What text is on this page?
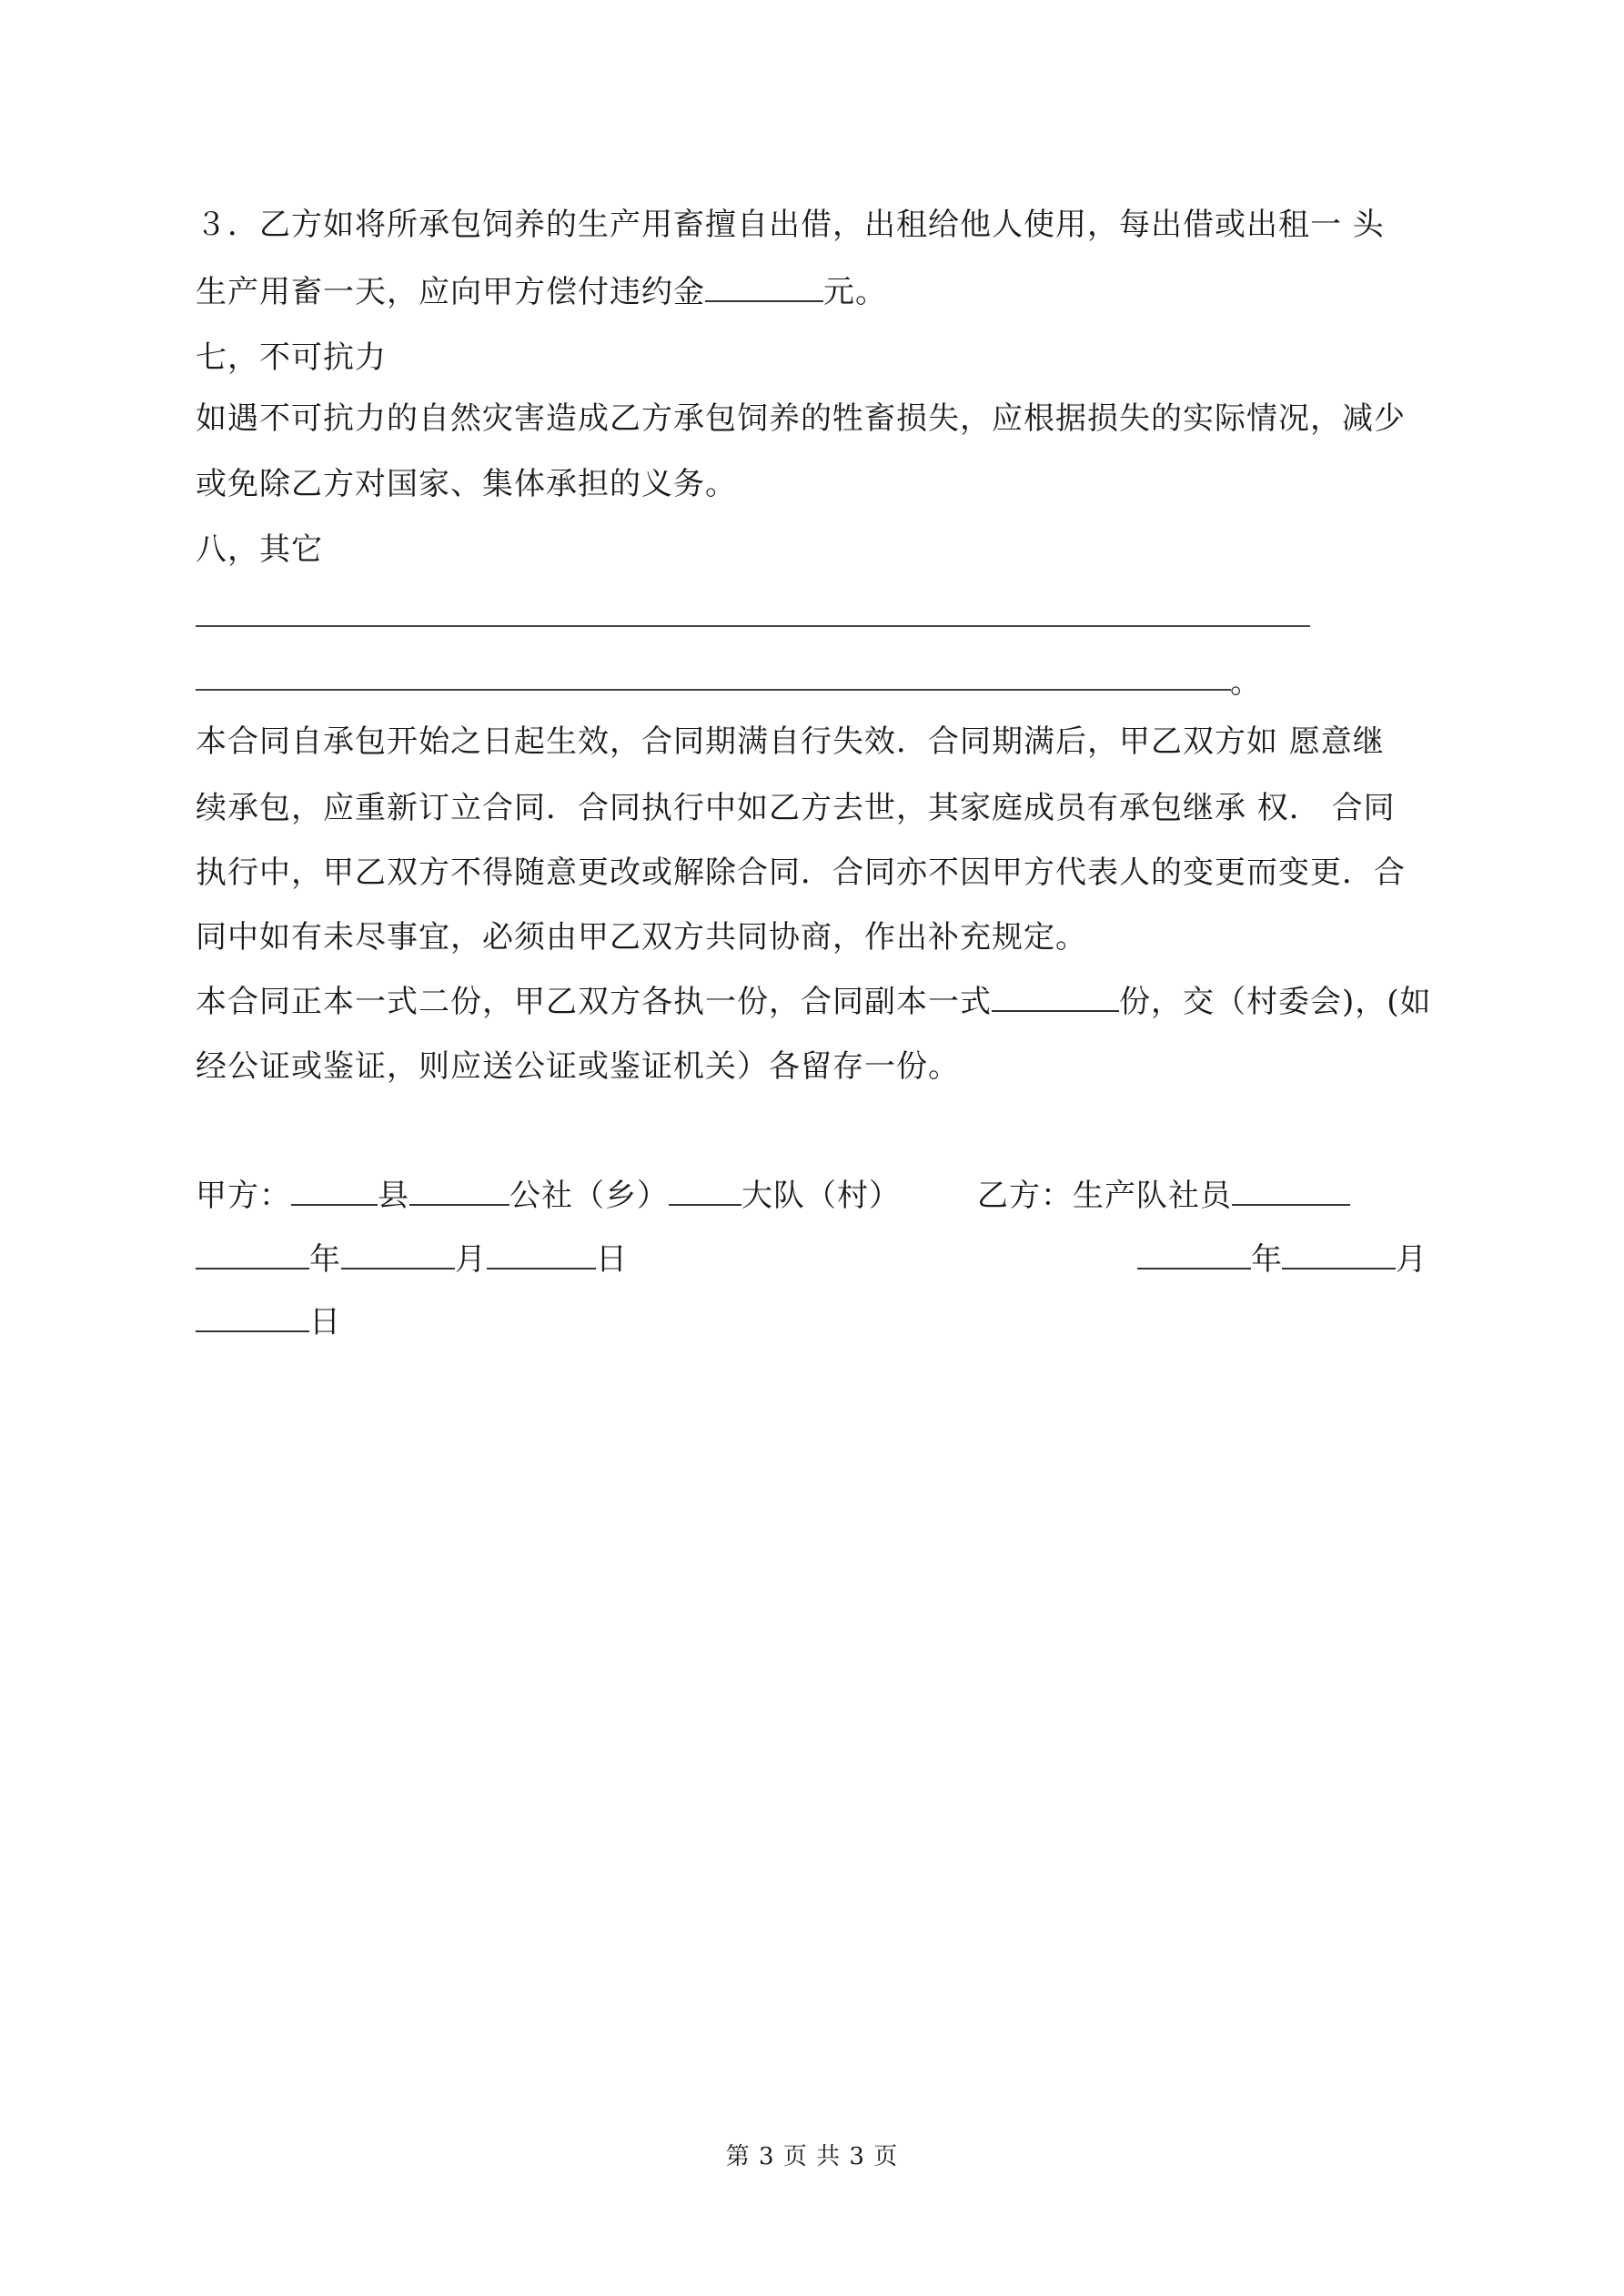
３．乙方如将所承包饲养的生产用畜擅自出借，出租给他人使用，每出借或出租一 头
生产用畜一天，应向甲方偿付违约金	元。
七，不可抗力
如遇不可抗力的自然灾害造成乙方承包饲养的牲畜损失，应根据损失的实际情况，减少
或免除乙方对国家、集体承担的义务。
八，其它
。
本合同自承包开始之日起生效，合同期满自行失效．合同期满后，甲乙双方如 愿意继
续承包，应重新订立合同．合同执行中如乙方去世，其家庭成员有承包继承 权． 合同
执行中，甲乙双方不得随意更改或解除合同．合同亦不因甲方代表人的变更而变更．合
同中如有未尽事宜，必须由甲乙双方共同协商，作出补充规定。
本合同正本一式二份，甲乙双方各执一份，合同副本一式	份，交（村委会)，(如
经公证或鉴证，则应送公证或鉴证机关）各留存一份。
甲方：	县	公社（乡） 大队（村） 乙方：生产队社员
年	月	日	年	月
日
第 3 页 共 3 页
